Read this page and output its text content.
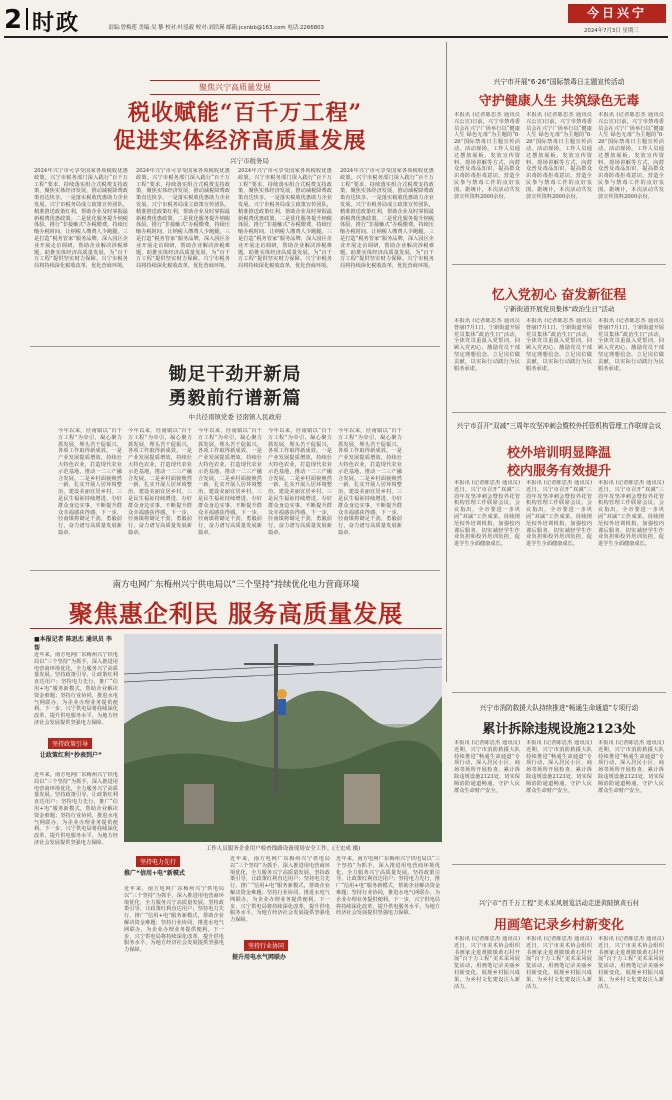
2 时政	责编:曾梅莲 美编:吴 黎 校对:叶泓毅 校对:刘浩瑛 邮箱:jcxnbb@163.com 电话:2266803
今日兴宁
2024年7月3日 星期三
聚焦兴宁高质量发展
税收赋能“百千万工程”
促进实体经济高质量发展
兴宁市税务局
2024年兴宁市可享受国家各项税收优惠政策。兴宁市税务部门深入践行“百千万工程”要求，持续落实组合式税费支持政策，聚焦实体经济发展，推动减税降费政策直达快享。一是落实税收优惠助力企业发展。兴宁市税务局成立政策宣传团队，精准推送政策红利，帮助企业及时掌握最新税费优惠政策。二是优化服务提升纳税体验。推行“非接触式”办税缴费，持续压缩办税时间，让纳税人缴费人少跑腿。三是打造“税务管家”服务品牌，深入园区企业开展走访调研，帮助企业解决涉税难题，助推实体经济高质量发展，为“百千万工程”提供坚实财力保障。兴宁市税务局将持续深化税收改革，优化营商环境。
2024年兴宁市可享受国家各项税收优惠政策。兴宁市税务部门深入践行“百千万工程”要求，持续落实组合式税费支持政策，聚焦实体经济发展，推动减税降费政策直达快享。一是落实税收优惠助力企业发展。兴宁市税务局成立政策宣传团队，精准推送政策红利，帮助企业及时掌握最新税费优惠政策。二是优化服务提升纳税体验。推行“非接触式”办税缴费，持续压缩办税时间，让纳税人缴费人少跑腿。三是打造“税务管家”服务品牌，深入园区企业开展走访调研，帮助企业解决涉税难题，助推实体经济高质量发展，为“百千万工程”提供坚实财力保障。兴宁市税务局将持续深化税收改革，优化营商环境。
2024年兴宁市可享受国家各项税收优惠政策。兴宁市税务部门深入践行“百千万工程”要求，持续落实组合式税费支持政策，聚焦实体经济发展，推动减税降费政策直达快享。一是落实税收优惠助力企业发展。兴宁市税务局成立政策宣传团队，精准推送政策红利，帮助企业及时掌握最新税费优惠政策。二是优化服务提升纳税体验。推行“非接触式”办税缴费，持续压缩办税时间，让纳税人缴费人少跑腿。三是打造“税务管家”服务品牌，深入园区企业开展走访调研，帮助企业解决涉税难题，助推实体经济高质量发展，为“百千万工程”提供坚实财力保障。兴宁市税务局将持续深化税收改革，优化营商环境。
2024年兴宁市可享受国家各项税收优惠政策。兴宁市税务部门深入践行“百千万工程”要求，持续落实组合式税费支持政策，聚焦实体经济发展，推动减税降费政策直达快享。一是落实税收优惠助力企业发展。兴宁市税务局成立政策宣传团队，精准推送政策红利，帮助企业及时掌握最新税费优惠政策。二是优化服务提升纳税体验。推行“非接触式”办税缴费，持续压缩办税时间，让纳税人缴费人少跑腿。三是打造“税务管家”服务品牌，深入园区企业开展走访调研，帮助企业解决涉税难题，助推实体经济高质量发展，为“百千万工程”提供坚实财力保障。兴宁市税务局将持续深化税收改革，优化营商环境。
锄足干劲开新局
勇毅前行谱新篇
中共径南镇党委 径南镇人民政府
今年以来，径南镇以“百千万工程”为牵引，凝心聚力抓发展，埋头苦干促振兴，各项工作取得新成效。一是产业发展提质增效，持续壮大特色农业，打造现代农业示范基地，推动一二三产融合发展。二是乡村面貌焕然一新，扎实开展人居环境整治，建设美丽宜居乡村。三是民生福祉持续增进，办好群众身边实事，不断提升群众幸福感获得感。下一步，径南镇将锄足干劲，勇毅前行，奋力谱写高质量发展新篇章。
今年以来，径南镇以“百千万工程”为牵引，凝心聚力抓发展，埋头苦干促振兴，各项工作取得新成效。一是产业发展提质增效，持续壮大特色农业，打造现代农业示范基地，推动一二三产融合发展。二是乡村面貌焕然一新，扎实开展人居环境整治，建设美丽宜居乡村。三是民生福祉持续增进，办好群众身边实事，不断提升群众幸福感获得感。下一步，径南镇将锄足干劲，勇毅前行，奋力谱写高质量发展新篇章。
今年以来，径南镇以“百千万工程”为牵引，凝心聚力抓发展，埋头苦干促振兴，各项工作取得新成效。一是产业发展提质增效，持续壮大特色农业，打造现代农业示范基地，推动一二三产融合发展。二是乡村面貌焕然一新，扎实开展人居环境整治，建设美丽宜居乡村。三是民生福祉持续增进，办好群众身边实事，不断提升群众幸福感获得感。下一步，径南镇将锄足干劲，勇毅前行，奋力谱写高质量发展新篇章。
今年以来，径南镇以“百千万工程”为牵引，凝心聚力抓发展，埋头苦干促振兴，各项工作取得新成效。一是产业发展提质增效，持续壮大特色农业，打造现代农业示范基地，推动一二三产融合发展。二是乡村面貌焕然一新，扎实开展人居环境整治，建设美丽宜居乡村。三是民生福祉持续增进，办好群众身边实事，不断提升群众幸福感获得感。下一步，径南镇将锄足干劲，勇毅前行，奋力谱写高质量发展新篇章。
今年以来，径南镇以“百千万工程”为牵引，凝心聚力抓发展，埋头苦干促振兴，各项工作取得新成效。一是产业发展提质增效，持续壮大特色农业，打造现代农业示范基地，推动一二三产融合发展。二是乡村面貌焕然一新，扎实开展人居环境整治，建设美丽宜居乡村。三是民生福祉持续增进，办好群众身边实事，不断提升群众幸福感获得感。下一步，径南镇将锄足干劲，勇毅前行，奋力谱写高质量发展新篇章。
南方电网广东梅州兴宁供电局以“三个坚持”持续优化电力营商环境
聚焦惠企利民 服务高质量发展
■本报记者 陈思杰 通讯员 李 帮
近年来，南方电网广东梅州兴宁供电局以“三个坚持”为抓手，深入推进用电营商环境优化，全力服务兴宁高质量发展。坚持政策引导，让政策红利直达用户；坚持电力先行，推广“信用+电”服务新模式，帮助企业解决资金难题；坚持行业协同，推进水电气网联办，为企业办理业务提供便利。下一步，兴宁供电局将持续深化改革，提升供电服务水平，为地方经济社会发展提供坚强电力保障。
坚持政策引导
让政策红利“抄表到户”
近年来，南方电网广东梅州兴宁供电局以“三个坚持”为抓手，深入推进用电营商环境优化，全力服务兴宁高质量发展。坚持政策引导，让政策红利直达用户；坚持电力先行，推广“信用+电”服务新模式，帮助企业解决资金难题；坚持行业协同，推进水电气网联办，为企业办理业务提供便利。下一步，兴宁供电局将持续深化改革，提升供电服务水平，为地方经济社会发展提供坚强电力保障。
工作人员服务企业用户检查线路设备现场安全工作。(王宏成 摄)
坚持电力先行
推广“信用+电”新模式
近年来，南方电网广东梅州兴宁供电局以“三个坚持”为抓手，深入推进用电营商环境优化，全力服务兴宁高质量发展。坚持政策引导，让政策红利直达用户；坚持电力先行，推广“信用+电”服务新模式，帮助企业解决资金难题；坚持行业协同，推进水电气网联办，为企业办理业务提供便利。下一步，兴宁供电局将持续深化改革，提升供电服务水平，为地方经济社会发展提供坚强电力保障。
近年来，南方电网广东梅州兴宁供电局以“三个坚持”为抓手，深入推进用电营商环境优化，全力服务兴宁高质量发展。坚持政策引导，让政策红利直达用户；坚持电力先行，推广“信用+电”服务新模式，帮助企业解决资金难题；坚持行业协同，推进水电气网联办，为企业办理业务提供便利。下一步，兴宁供电局将持续深化改革，提升供电服务水平，为地方经济社会发展提供坚强电力保障。
坚持行业协同
提升用电水气网联办
近年来，南方电网广东梅州兴宁供电局以“三个坚持”为抓手，深入推进用电营商环境优化，全力服务兴宁高质量发展。坚持政策引导，让政策红利直达用户；坚持电力先行，推广“信用+电”服务新模式，帮助企业解决资金难题；坚持行业协同，推进水电气网联办，为企业办理业务提供便利。下一步，兴宁供电局将持续深化改革，提升供电服务水平，为地方经济社会发展提供坚强电力保障。
兴宁市开展“6·26”国际禁毒日主题宣传活动
守护健康人生 共筑绿色无毒
本报讯 (记者陈思杰 通讯员兴公宣)日前，兴宁市禁毒委员会在兴宁广场举行以“健康人生 绿色无毒”为主题的“6·26”国际禁毒日主题宣传活动。活动现场，工作人员通过摆放展板、发放宣传资料、现场讲解等方式，向群众普及毒品知识，提高群众识毒防毒拒毒意识，营造全民参与禁毒工作的良好氛围。据统计，本次活动共发放宣传资料2000余份。
本报讯 (记者陈思杰 通讯员兴公宣)日前，兴宁市禁毒委员会在兴宁广场举行以“健康人生 绿色无毒”为主题的“6·26”国际禁毒日主题宣传活动。活动现场，工作人员通过摆放展板、发放宣传资料、现场讲解等方式，向群众普及毒品知识，提高群众识毒防毒拒毒意识，营造全民参与禁毒工作的良好氛围。据统计，本次活动共发放宣传资料2000余份。
本报讯 (记者陈思杰 通讯员兴公宣)日前，兴宁市禁毒委员会在兴宁广场举行以“健康人生 绿色无毒”为主题的“6·26”国际禁毒日主题宣传活动。活动现场，工作人员通过摆放展板、发放宣传资料、现场讲解等方式，向群众普及毒品知识，提高群众识毒防毒拒毒意识，营造全民参与禁毒工作的良好氛围。据统计，本次活动共发放宣传资料2000余份。
忆入党初心 奋发新征程
宁新街道开展党员集体“政治生日”活动
本报讯 (记者陈思杰 通讯员曾丽)7月1日，宁新街道开展党员集体“政治生日”活动，全体党员重温入党誓词，回顾入党初心，激励党员干部坚定理想信念，立足岗位做贡献，以实际行动践行为民服务承诺。
本报讯 (记者陈思杰 通讯员曾丽)7月1日，宁新街道开展党员集体“政治生日”活动，全体党员重温入党誓词，回顾入党初心，激励党员干部坚定理想信念，立足岗位做贡献，以实际行动践行为民服务承诺。
本报讯 (记者陈思杰 通讯员曾丽)7月1日，宁新街道开展党员集体“政治生日”活动，全体党员重温入党誓词，回顾入党初心，激励党员干部坚定理想信念，立足岗位做贡献，以实际行动践行为民服务承诺。
兴宁市召开“双减”三周年攻坚冲刺会暨校外托管机构管理工作联席会议
校外培训明显降温
校内服务有效提升
本报讯 (记者陈思杰 通讯员)近日，兴宁市召开“双减”三周年攻坚冲刺会暨校外托管机构管理工作联席会议。会议指出，全市要进一步巩固“双减”工作成果，持续规范校外培训机构，加强校内课后服务，切实减轻学生作业负担和校外培训负担，促进学生全面健康成长。
本报讯 (记者陈思杰 通讯员)近日，兴宁市召开“双减”三周年攻坚冲刺会暨校外托管机构管理工作联席会议。会议指出，全市要进一步巩固“双减”工作成果，持续规范校外培训机构，加强校内课后服务，切实减轻学生作业负担和校外培训负担，促进学生全面健康成长。
本报讯 (记者陈思杰 通讯员)近日，兴宁市召开“双减”三周年攻坚冲刺会暨校外托管机构管理工作联席会议。会议指出，全市要进一步巩固“双减”工作成果，持续规范校外培训机构，加强校内课后服务，切实减轻学生作业负担和校外培训负担，促进学生全面健康成长。
兴宁市消防救援大队持续推进“畅通生命通道”专项行动
累计拆除违规设施2123处
本报讯 (记者陈思杰 通讯员)近期，兴宁市消防救援大队持续推进“畅通生命通道”专项行动，深入居民小区、商场等场所开展检查，累计拆除违规设施2123处，切实保障消防通道畅通，守护人民群众生命财产安全。
本报讯 (记者陈思杰 通讯员)近期，兴宁市消防救援大队持续推进“畅通生命通道”专项行动，深入居民小区、商场等场所开展检查，累计拆除违规设施2123处，切实保障消防通道畅通，守护人民群众生命财产安全。
本报讯 (记者陈思杰 通讯员)近期，兴宁市消防救援大队持续推进“畅通生命通道”专项行动，深入居民小区、商场等场所开展检查，累计拆除违规设施2123处，切实保障消防通道畅通，守护人民群众生命财产安全。
兴宁市“百千万工程”美术采风展览活动走进黄陂镇黄石村
用画笔记录乡村新变化
本报讯 (记者陈思杰 通讯员)近日，兴宁市美术协会组织书画家走进黄陂镇黄石村开展“百千万工程”美术采风展览活动，用画笔记录美丽乡村新变化，展现乡村振兴成果，为乡村文化建设注入新活力。
本报讯 (记者陈思杰 通讯员)近日，兴宁市美术协会组织书画家走进黄陂镇黄石村开展“百千万工程”美术采风展览活动，用画笔记录美丽乡村新变化，展现乡村振兴成果，为乡村文化建设注入新活力。
本报讯 (记者陈思杰 通讯员)近日，兴宁市美术协会组织书画家走进黄陂镇黄石村开展“百千万工程”美术采风展览活动，用画笔记录美丽乡村新变化，展现乡村振兴成果，为乡村文化建设注入新活力。
